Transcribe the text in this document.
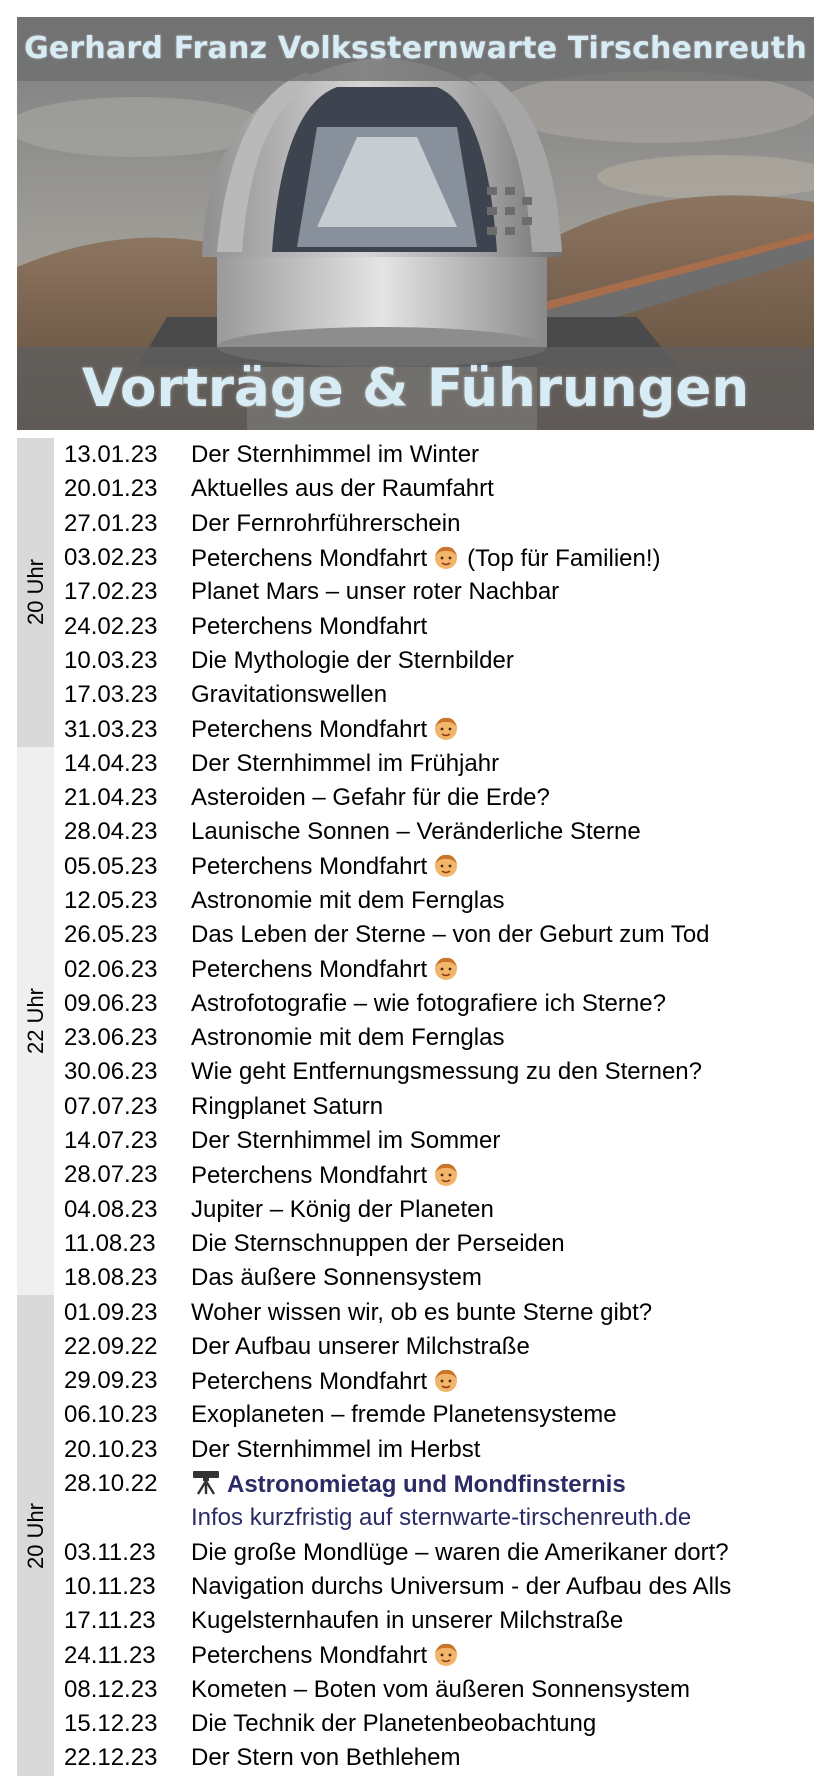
Gerhard Franz Volkssternwarte Tirschenreuth
Vorträge & Führungen
20 Uhr
13.01.23	Der Sternhimmel im Winter
20.01.23	Aktuelles aus der Raumfahrt
27.01.23	Der Fernrohrführerschein
03.02.23	Peterchens Mondfahrt (Top für Familien!)
17.02.23	Planet Mars – unser roter Nachbar
24.02.23	Peterchens Mondfahrt
10.03.23	Die Mythologie der Sternbilder
17.03.23	Gravitationswellen
31.03.23	Peterchens Mondfahrt
22 Uhr
14.04.23	Der Sternhimmel im Frühjahr
21.04.23	Asteroiden – Gefahr für die Erde?
28.04.23	Launische Sonnen – Veränderliche Sterne
05.05.23	Peterchens Mondfahrt
12.05.23	Astronomie mit dem Fernglas
26.05.23	Das Leben der Sterne – von der Geburt zum Tod
02.06.23	Peterchens Mondfahrt
09.06.23	Astrofotografie – wie fotografiere ich Sterne?
23.06.23	Astronomie mit dem Fernglas
30.06.23	Wie geht Entfernungsmessung zu den Sternen?
07.07.23	Ringplanet Saturn
14.07.23	Der Sternhimmel im Sommer
28.07.23	Peterchens Mondfahrt
04.08.23	Jupiter – König der Planeten
11.08.23	Die Sternschnuppen der Perseiden
18.08.23	Das äußere Sonnensystem
20 Uhr
01.09.23	Woher wissen wir, ob es bunte Sterne gibt?
22.09.22	Der Aufbau unserer Milchstraße
29.09.23	Peterchens Mondfahrt
06.10.23	Exoplaneten – fremde Planetensysteme
20.10.23	Der Sternhimmel im Herbst
28.10.22	Astronomietag und Mondfinsternis
Infos kurzfristig auf sternwarte-tirschenreuth.de
03.11.23	Die große Mondlüge – waren die Amerikaner dort?
10.11.23	Navigation durchs Universum - der Aufbau des Alls
17.11.23	Kugelsternhaufen in unserer Milchstraße
24.11.23	Peterchens Mondfahrt
08.12.23	Kometen – Boten vom äußeren Sonnensystem
15.12.23	Die Technik der Planetenbeobachtung
22.12.23	Der Stern von Bethlehem
